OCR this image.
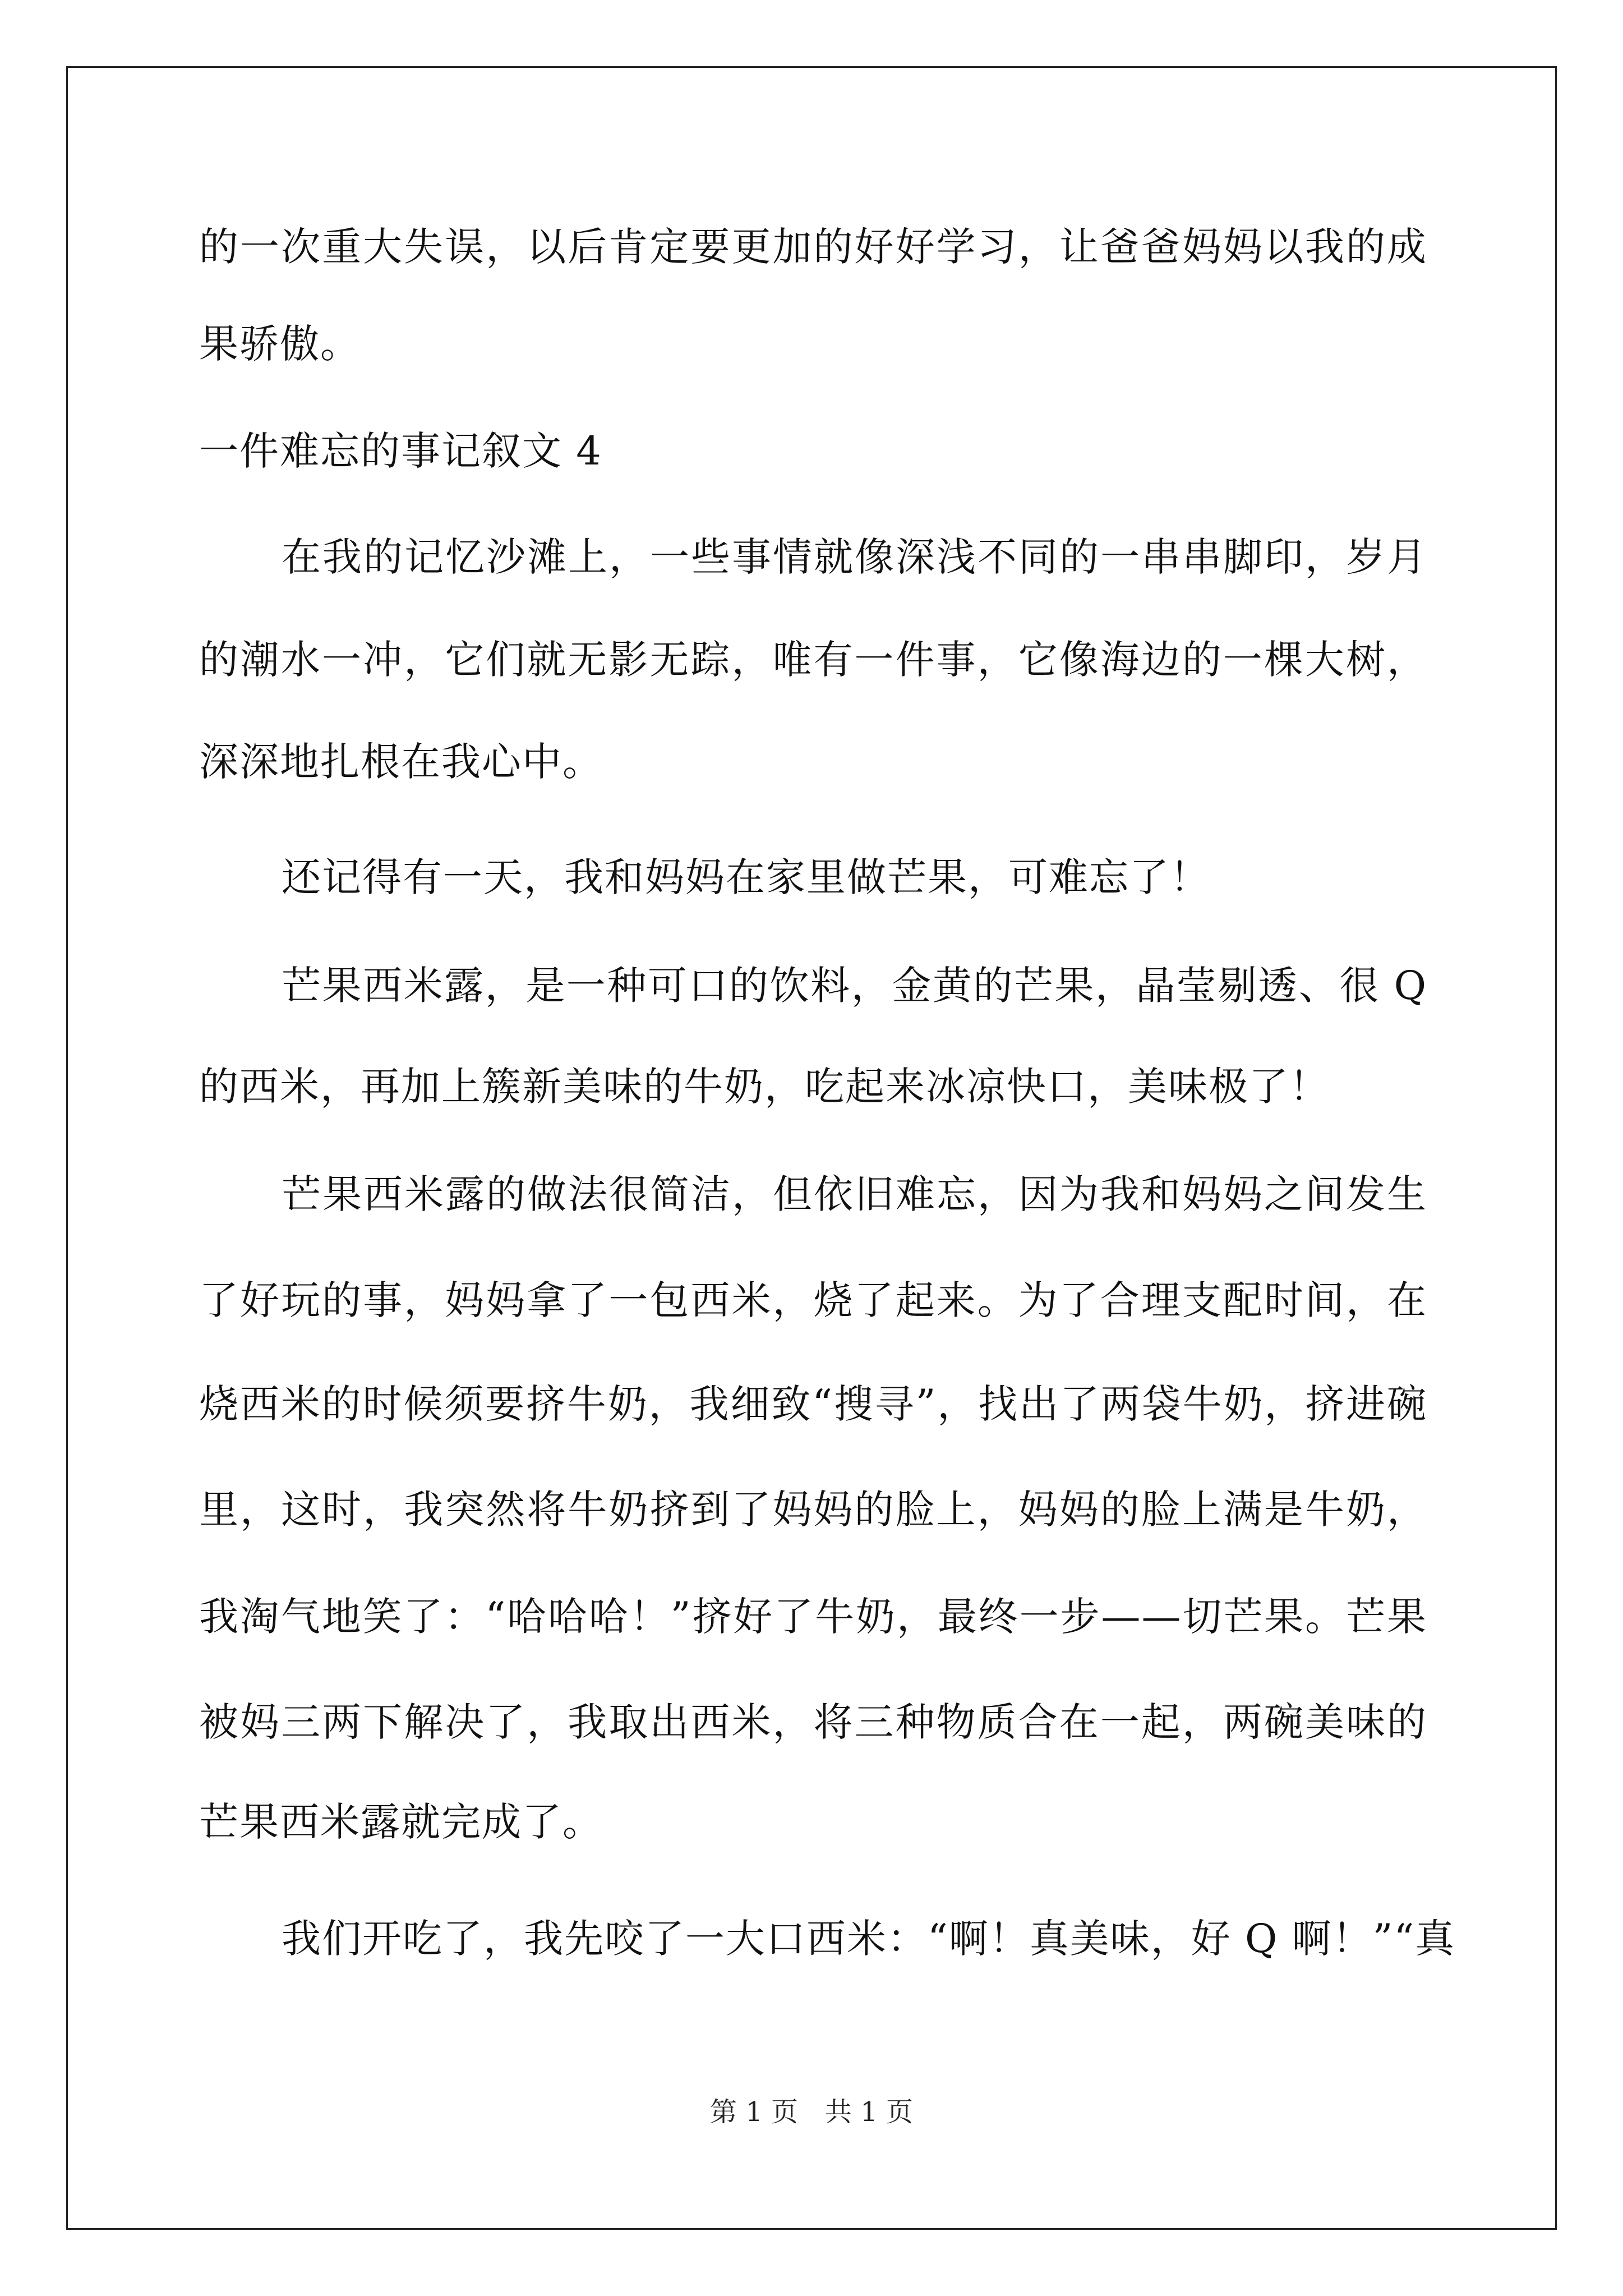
的一次重大失误，以后肯定要更加的好好学习，让爸爸妈妈以我的成
果骄傲。
一件难忘的事记叙文 4
在我的记忆沙滩上，一些事情就像深浅不同的一串串脚印，岁月
的潮水一冲，它们就无影无踪，唯有一件事，它像海边的一棵大树，
深深地扎根在我心中。
还记得有一天，我和妈妈在家里做芒果，可难忘了！
芒果西米露，是一种可口的饮料，金黄的芒果，晶莹剔透、很 Q
的西米，再加上簇新美味的牛奶，吃起来冰凉快口，美味极了！
芒果西米露的做法很简洁，但依旧难忘，因为我和妈妈之间发生
了好玩的事，妈妈拿了一包西米，烧了起来。为了合理支配时间，在
烧西米的时候须要挤牛奶，我细致“搜寻”，找出了两袋牛奶，挤进碗
里，这时，我突然将牛奶挤到了妈妈的脸上，妈妈的脸上满是牛奶，
我淘气地笑了：“哈哈哈！”挤好了牛奶，最终一步——切芒果。芒果
被妈三两下解决了，我取出西米，将三种物质合在一起，两碗美味的
芒果西米露就完成了。
我们开吃了，我先咬了一大口西米：“啊！真美味，好 Q 啊！”“真
第 1 页　共 1 页
